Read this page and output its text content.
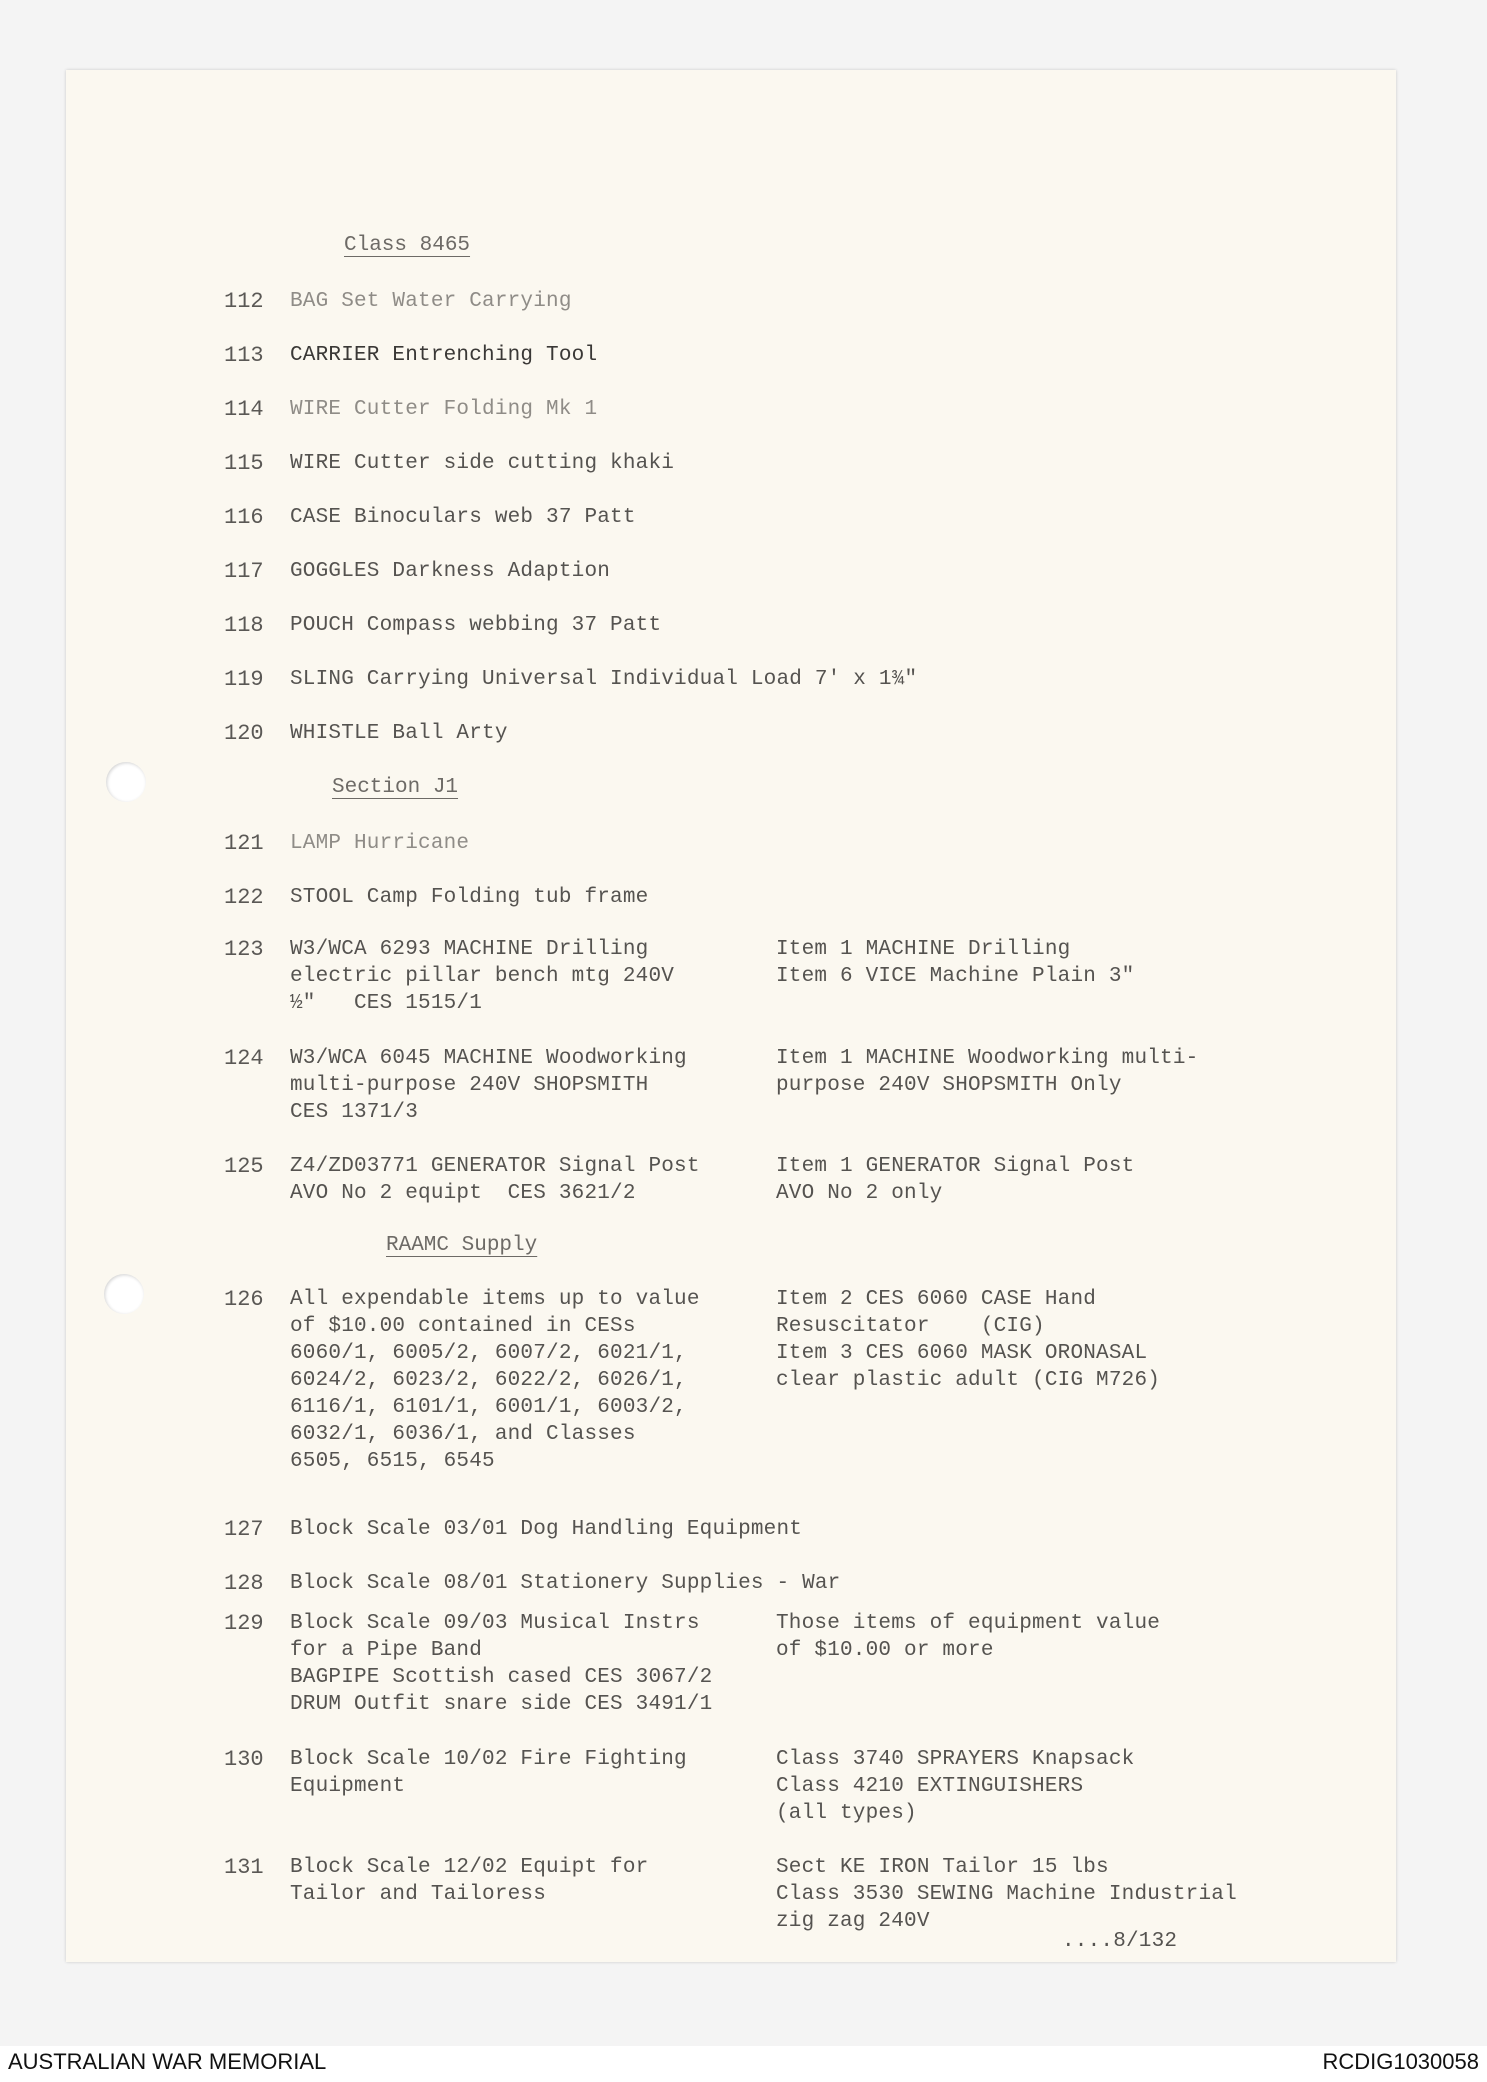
Class 8465
Section J1
RAAMC Supply
112 BAG Set Water Carrying
113 CARRIER Entrenching Tool
114 WIRE Cutter Folding Mk 1
115 WIRE Cutter side cutting khaki
116 CASE Binoculars web 37 Patt
117 GOGGLES Darkness Adaption
118 POUCH Compass webbing 37 Patt
119 SLING Carrying Universal Individual Load 7' x 1¾"
120 WHISTLE Ball Arty
121 LAMP Hurricane
122 STOOL Camp Folding tub frame
123 W3/WCA 6293 MACHINE Drilling
electric pillar bench mtg 240V
½"   CES 1515/1
Item 1 MACHINE Drilling
Item 6 VICE Machine Plain 3"
124 W3/WCA 6045 MACHINE Woodworking
multi-purpose 240V SHOPSMITH
CES 1371/3
Item 1 MACHINE Woodworking multi-
purpose 240V SHOPSMITH Only
125 Z4/ZD03771 GENERATOR Signal Post
AVO No 2 equipt  CES 3621/2
Item 1 GENERATOR Signal Post
AVO No 2 only
126 All expendable items up to value
of $10.00 contained in CESs
6060/1, 6005/2, 6007/2, 6021/1,
6024/2, 6023/2, 6022/2, 6026/1,
6116/1, 6101/1, 6001/1, 6003/2,
6032/1, 6036/1, and Classes
6505, 6515, 6545
Item 2 CES 6060 CASE Hand
Resuscitator    (CIG)
Item 3 CES 6060 MASK ORONASAL
clear plastic adult (CIG M726)
127 Block Scale 03/01 Dog Handling Equipment
128 Block Scale 08/01 Stationery Supplies - War
129 Block Scale 09/03 Musical Instrs
for a Pipe Band
BAGPIPE Scottish cased CES 3067/2
DRUM Outfit snare side CES 3491/1
Those items of equipment value
of $10.00 or more
130 Block Scale 10/02 Fire Fighting
Equipment
Class 3740 SPRAYERS Knapsack
Class 4210 EXTINGUISHERS
(all types)
131 Block Scale 12/02 Equipt for
Tailor and Tailoress
Sect KE IRON Tailor 15 lbs
Class 3530 SEWING Machine Industrial
zig zag 240V
....8/132
AUSTRALIAN WAR MEMORIAL	RCDIG1030058
